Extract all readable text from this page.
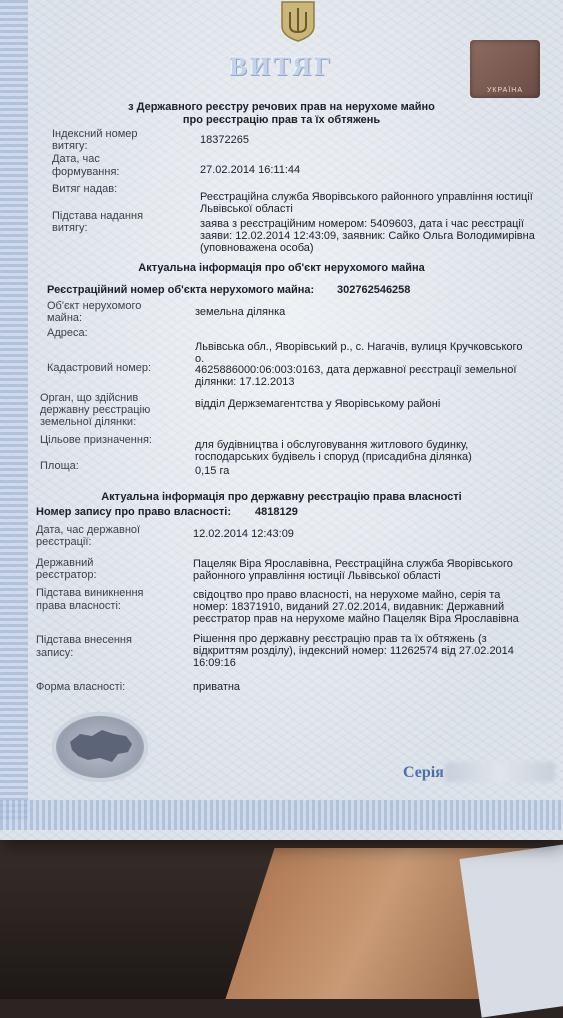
ВИТЯГ
УКРАЇНА
з Державного реєстру речових прав на нерухоме майно
про реєстрацію прав та їх обтяжень
Індексний номер
витягу:	18372265
Дата, час
формування:	27.02.2014 16:11:44
Витяг надав:
Реєстраційна служба Яворівського районного управління юстиції
Львівської області
Підстава надання
витягу:	заява з реєстраційним номером: 5409603, дата і час реєстрації
заяви: 12.02.2014 12:43:09, заявник: Сайко Ольга Володимирівна
(уповноважена особа)
Актуальна інформація про об'єкт нерухомого майна
Реєстраційний номер об'єкта нерухомого майна: 302762546258
Об'єкт нерухомого
майна:	земельна ділянка
Адреса:
Львівська обл., Яворівський р., с. Нагачів, вулиця Кручковського
о.
Кадастровий номер:	4625886000:06:003:0163, дата державної реєстрації земельної
ділянки: 17.12.2013
Орган, що здійснив
державну реєстрацію
земельної ділянки:
відділ Держземагентства у Яворівському районі
Цільове призначення:	для будівництва і обслуговування житлового будинку,
господарських будівель і споруд (присадибна ділянка)
Площа:	0,15 га
Актуальна інформація про державну реєстрацію права власності
Номер запису про право власності: 4818129
Дата, час державної
реєстрації:
12.02.2014 12:43:09
Державний
реєстратор:
Пацеляк Віра Ярославівна, Реєстраційна служба Яворівського
районного управління юстиції Львівської області
Підстава виникнення
права власності:
свідоцтво про право власності, на нерухоме майно, серія та
номер: 18371910, виданий 27.02.2014, видавник: Державний
реєстратор прав на нерухоме майно Пацеляк Віра Ярославівна
Підстава внесення
запису:
Рішення про державну реєстрацію прав та їх обтяжень (з
відкриттям розділу), індексний номер: 11262574 від 27.02.2014
16:09:16
Форма власності:	приватна
Серія
